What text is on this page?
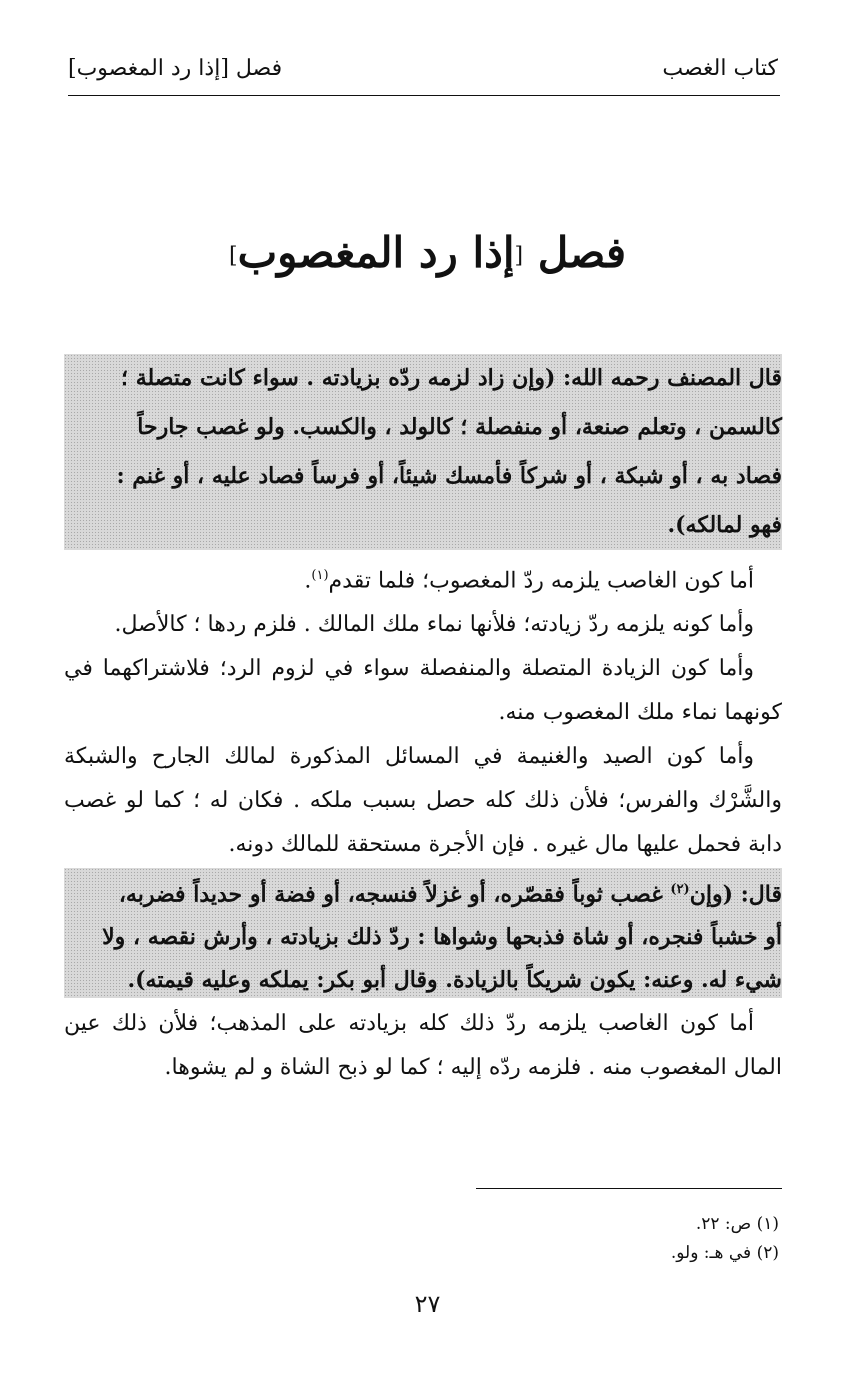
كتاب الغصب
فصل [إذا رد المغصوب]
فصل [إذا رد المغصوب]

قال المصنف رحمه الله: (وإن زاد لزمه ردّه بزيادته . سواء كانت متصلة ؛

كالسمن ، وتعلم صنعة، أو منفصلة ؛ كالولد ، والكسب. ولو غصب جارحاً

فصاد به ، أو شبكة ، أو شركاً فأمسك شيئاً، أو فرساً فصاد عليه ، أو غنم :

فهو لمالكه).

أما كون الغاصب يلزمه ردّ المغصوب؛ فلما تقدم$^{(١)}$.

وأما كونه يلزمه ردّ زيادته؛ فلأنها نماء ملك المالك . فلزم ردها ؛ كالأصل.

وأما كون الزيادة المتصلة والمنفصلة سواء في لزوم الرد؛ فلاشتراكهما في كونهما نماء ملك المغصوب منه.

وأما كون الصيد والغنيمة في المسائل المذكورة لمالك الجارح والشبكة والشَّرْك والفرس؛ فلأن ذلك كله حصل بسبب ملكه . فكان له ؛ كما لو غصب دابة فحمل عليها مال غيره . فإن الأجرة مستحقة للمالك دونه.

قال: (وإن$^{(٢)}$ غصب ثوباً فقصّره، أو غزلاً فنسجه، أو فضة أو حديداً فضربه،

أو خشباً فنجره، أو شاة فذبحها وشواها : ردّ ذلك بزيادته ، وأرش نقصه ، ولا

شيء له. وعنه: يكون شريكاً بالزيادة. وقال أبو بكر: يملكه وعليه قيمته).

أما كون الغاصب يلزمه ردّ ذلك كله بزيادته على المذهب؛ فلأن ذلك عين المال المغصوب منه . فلزمه ردّه إليه ؛ كما لو ذبح الشاة و لم يشوها.

(١) ص: ٢٢.
(٢) في هـ: ولو.
٢٧
